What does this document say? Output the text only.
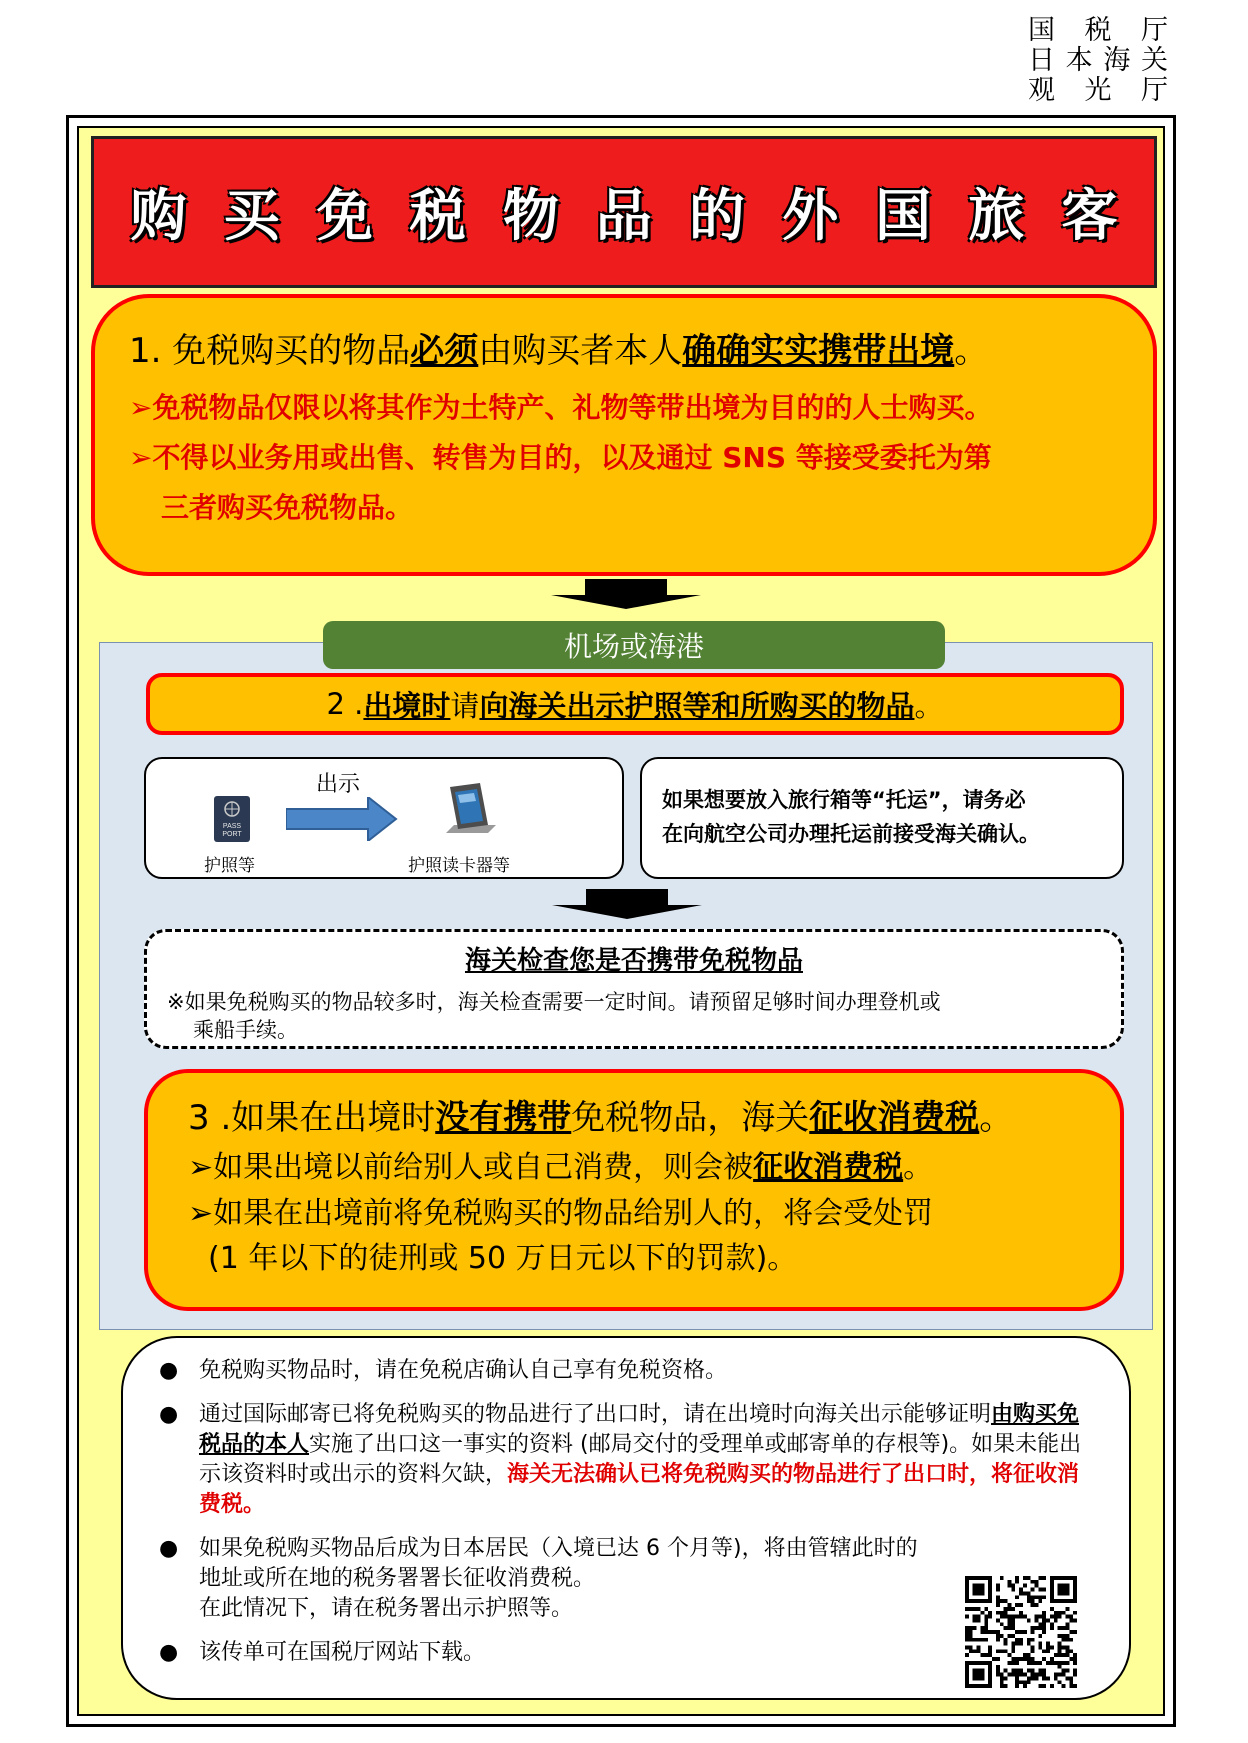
国 税 厅
日 本 海 关
观 光 厅
购 买 免 税 物 品 的 外 国 旅 客
1. 免税购买的物品必须由购买者本人确确实实携带出境。
➢免税物品仅限以将其作为土特产、礼物等带出境为目的的人士购买。
➢不得以业务用或出售、转售为目的，以及通过 SNS 等接受委托为第
三者购买免税物品。
机场或海港
2 . 出境时 请 向海关出示护照等和所购买的物品 。
PASS
PORT
护照等
出示
护照读卡器等
如果想要放入旅行箱等“托运”，请务必
在向航空公司办理托运前接受海关确认。
海关检查您是否携带免税物品
※如果免税购买的物品较多时，海关检查需要一定时间。请预留足够时间办理登机或
乘船手续。
3 .如果在出境时没有携带免税物品，海关征收消费税。
➢如果出境以前给别人或自己消费，则会被征收消费税。
➢如果在出境前将免税购买的物品给别人的，将会受处罚
(1 年以下的徒刑或 50 万日元以下的罚款)。
● 免税购买物品时，请在免税店确认自己享有免税资格。
● 通过国际邮寄已将免税购买的物品进行了出口时，请在出境时向海关出示能够证明由购买免税品的本人实施了出口这一事实的资料 (邮局交付的受理单或邮寄单的存根等)。如果未能出示该资料时或出示的资料欠缺，海关无法确认已将免税购买的物品进行了出口时，将征收消费税。
● 如果免税购买物品后成为日本居民（入境已达 6 个月等)，将由管辖此时的地址或所在地的税务署署长征收消费税。
在此情况下，请在税务署出示护照等。
● 该传单可在国税厅网站下载。
